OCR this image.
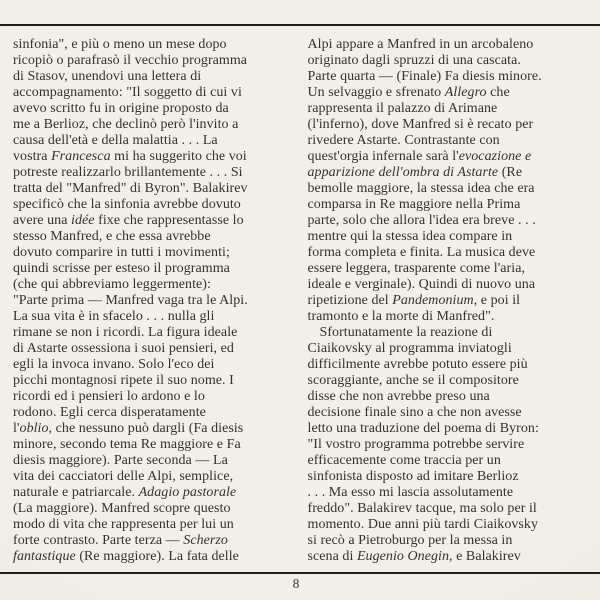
sinfonia", e più o meno un mese dopo
ricopiò o parafrasò il vecchio programma
di Stasov, unendovi una lettera di
accompagnamento: "Il soggetto di cui vi
avevo scritto fu in origine proposto da
me a Berlioz, che declinò però l'invito a
causa dell'età e della malattia . . . La
vostra Francesca mi ha suggerito che voi
potreste realizzarlo brillantemente . . . Si
tratta del "Manfred" di Byron". Balakirev
specificò che la sinfonia avrebbe dovuto
avere una idée fixe che rappresentasse lo
stesso Manfred, e che essa avrebbe
dovuto comparire in tutti i movimenti;
quindi scrisse per esteso il programma
(che qui abbreviamo leggermente):
"Parte prima — Manfred vaga tra le Alpi.
La sua vita è in sfacelo . . . nulla gli
rimane se non i ricordi. La figura ideale
di Astarte ossessiona i suoi pensieri, ed
egli la invoca invano. Solo l'eco dei
picchi montagnosi ripete il suo nome. I
ricordi ed i pensieri lo ardono e lo
rodono. Egli cerca disperatamente
l'oblio, che nessuno può dargli (Fa diesis
minore, secondo tema Re maggiore e Fa
diesis maggiore). Parte seconda — La
vita dei cacciatori delle Alpi, semplice,
naturale e patriarcale. Adagio pastorale
(La maggiore). Manfred scopre questo
modo di vita che rappresenta per lui un
forte contrasto. Parte terza — Scherzo
fantastique (Re maggiore). La fata delle
Alpi appare a Manfred in un arcobaleno
originato dagli spruzzi di una cascata.
Parte quarta — (Finale) Fa diesis minore.
Un selvaggio e sfrenato Allegro che
rappresenta il palazzo di Arimane
(l'inferno), dove Manfred si è recato per
rivedere Astarte. Contrastante con
quest'orgia infernale sarà l'evocazione e
apparizione dell'ombra di Astarte (Re
bemolle maggiore, la stessa idea che era
comparsa in Re maggiore nella Prima
parte, solo che allora l'idea era breve . . .
mentre qui la stessa idea compare in
forma completa e finita. La musica deve
essere leggera, trasparente come l'aria,
ideale e verginale). Quindi di nuovo una
ripetizione del Pandemonium, e poi il
tramonto e la morte di Manfred".
Sfortunatamente la reazione di
Ciaikovsky al programma inviatogli
difficilmente avrebbe potuto essere più
scoraggiante, anche se il compositore
disse che non avrebbe preso una
decisione finale sino a che non avesse
letto una traduzione del poema di Byron:
"Il vostro programma potrebbe servire
efficacemente come traccia per un
sinfonista disposto ad imitare Berlioz
. . . Ma esso mi lascia assolutamente
freddo". Balakirev tacque, ma solo per il
momento. Due anni più tardi Ciaikovsky
si recò a Pietroburgo per la messa in
scena di Eugenio Onegin, e Balakirev
8
